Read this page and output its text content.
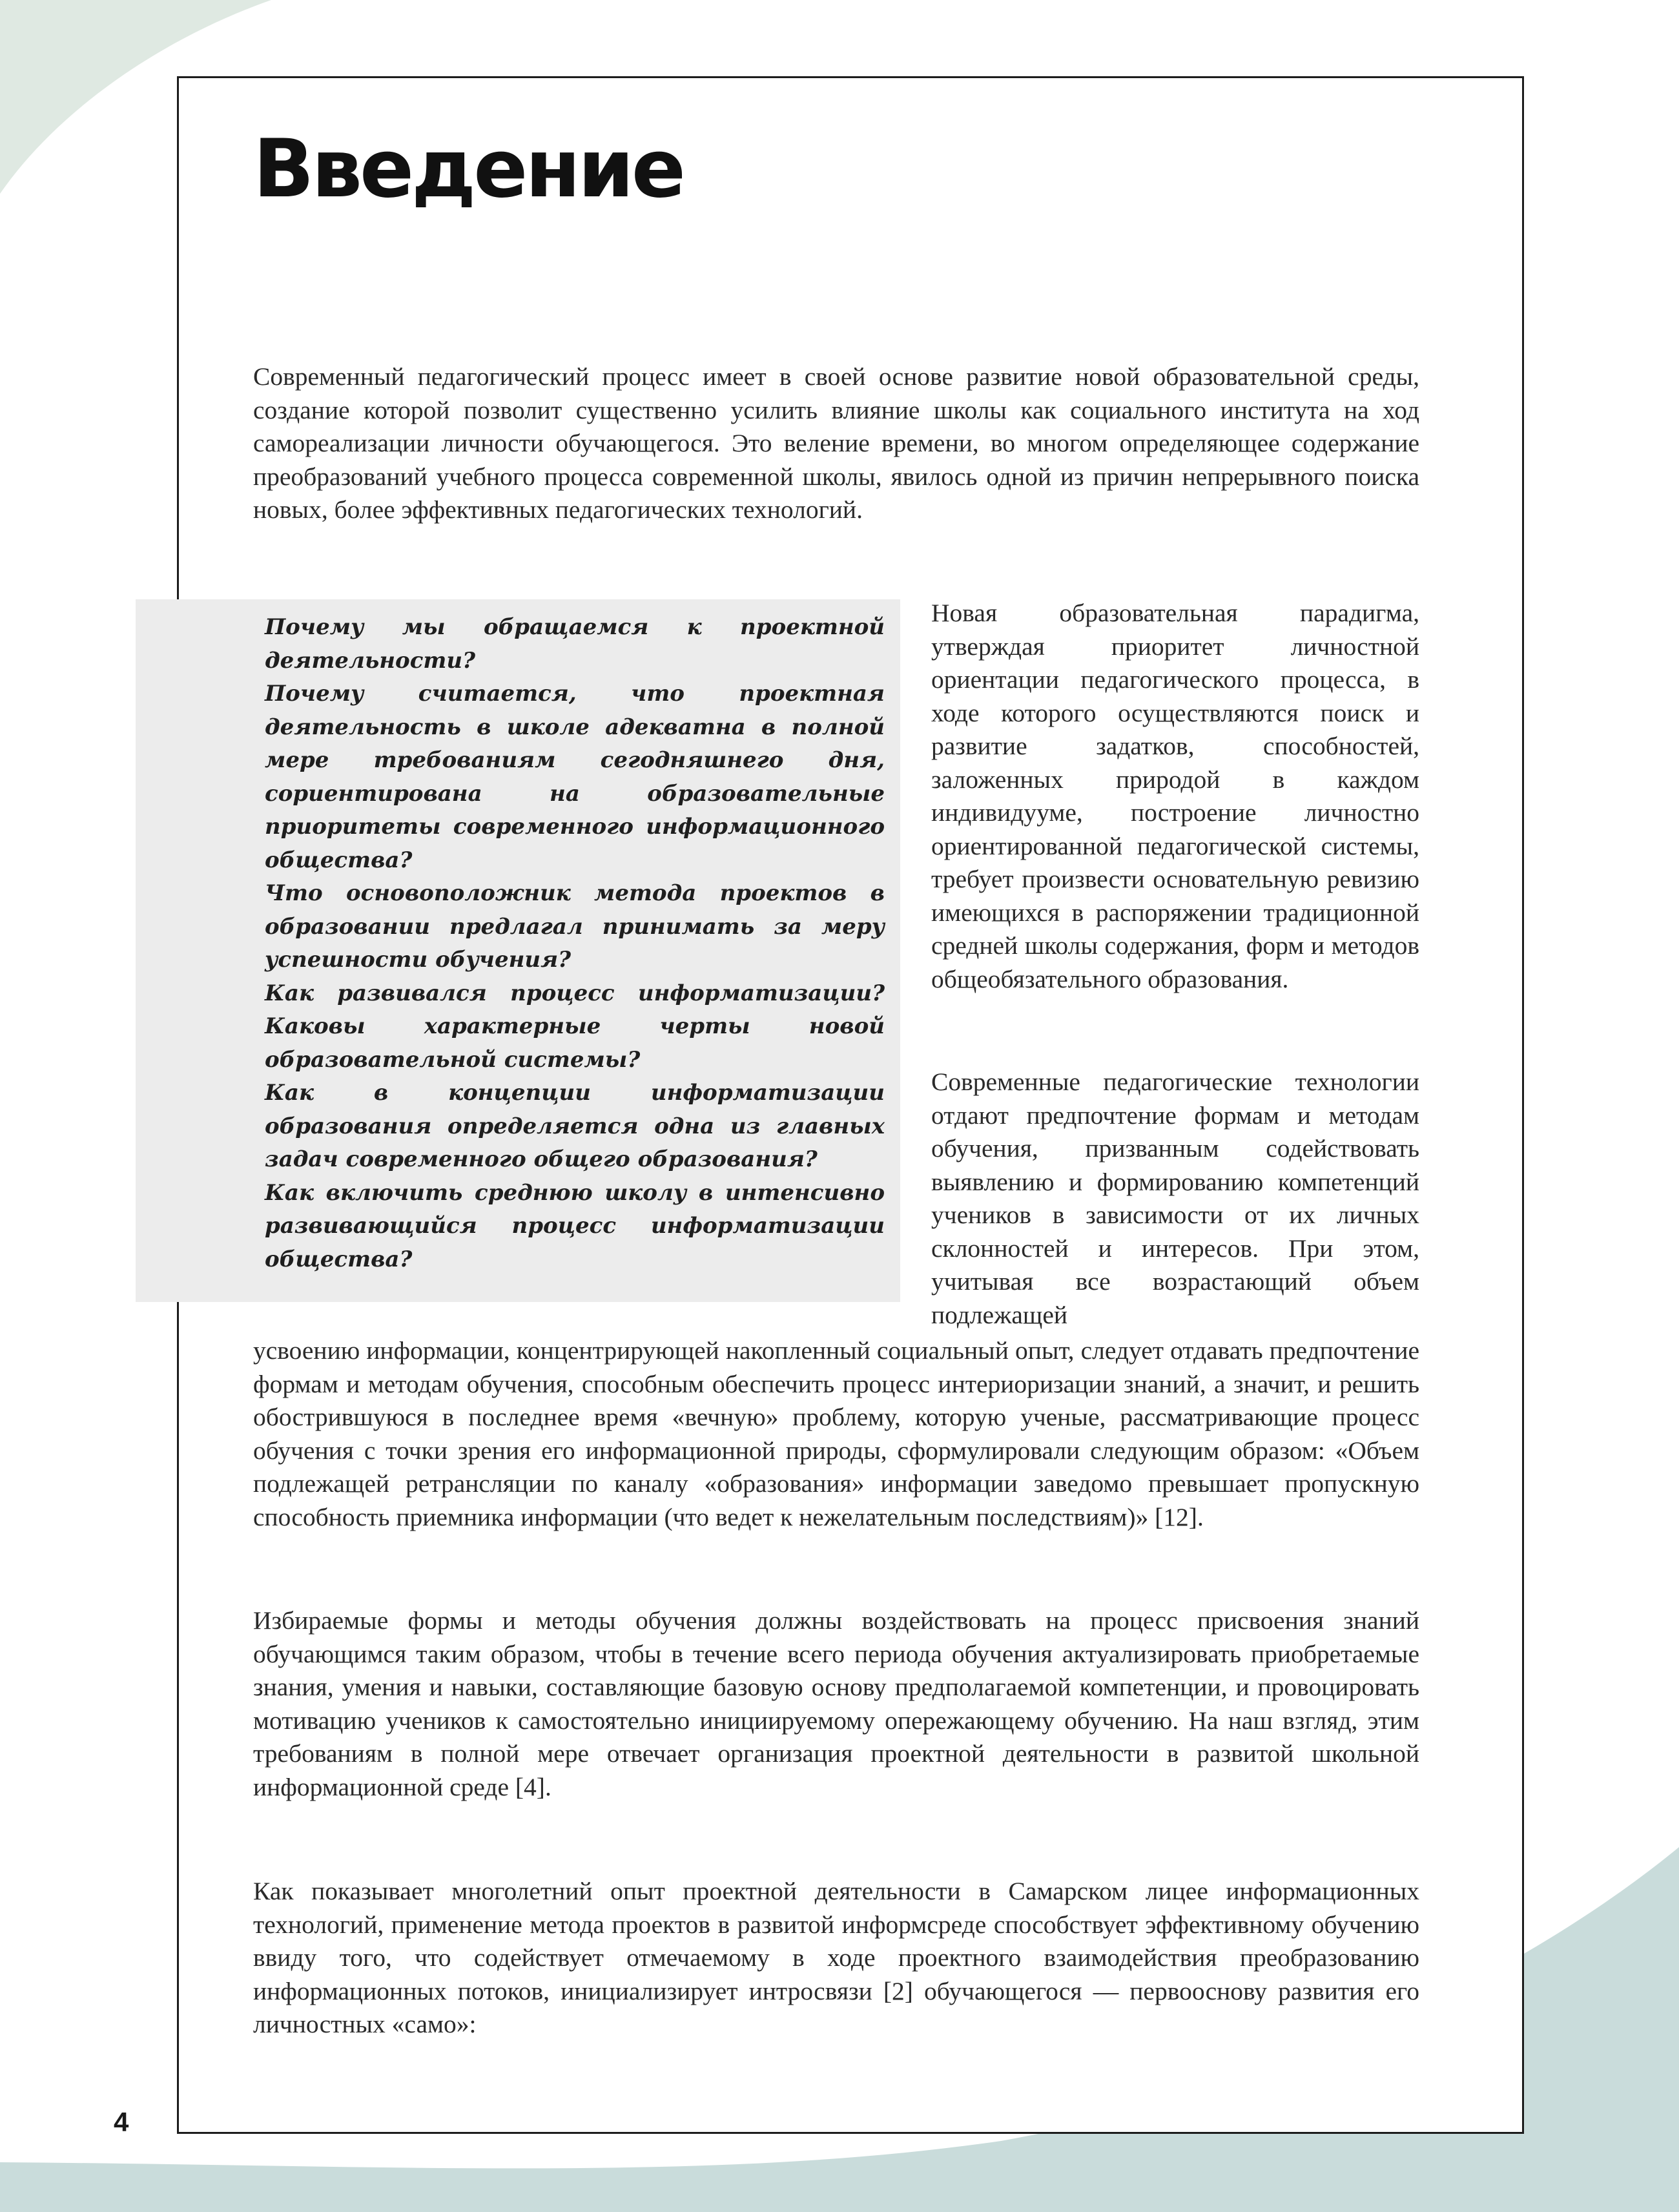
Введение

Современный педагогический процесс имеет в своей основе развитие новой образовательной среды, создание которой позволит существенно усилить влияние школы как социального института на ход самореализации личности обучающегося. Это веление времени, во многом определяющее содержание преобразований учебного процесса современной школы, явилось одной из причин непрерывного поиска новых, более эффективных педагогических технологий.

Почему мы обращаемся к проектной деятельности?
Почему считается, что проектная деятельность в школе адекватна в полной мере требованиям сегодняшнего дня, сориентирована на образовательные приоритеты современного информационного общества?
Что основоположник метода проектов в образовании предлагал принимать за меру успешности обучения?
Как развивался процесс информатизации? Каковы характерные черты новой образовательной системы?
Как в концепции информатизации образования определяется одна из главных задач современного общего образования?
Как включить среднюю школу в интенсивно развивающийся процесс информатизации общества?

Новая образовательная парадигма, утверждая приоритет личностной ориентации педагогического процесса, в ходе которого осуществляются поиск и развитие задатков, способностей, заложенных природой в каждом индивидууме, построение личностно ориентированной педагогической системы, требует произвести основательную ревизию имеющихся в распоряжении традиционной средней школы содержания, форм и методов общеобязательного образования.

Современные педагогические технологии отдают предпочтение формам и методам обучения, призванным содействовать выявлению и формированию компетенций учеников в зависимости от их личных склонностей и интересов. При этом, учитывая все возрастающий объем подлежащей

усвоению информации, концентрирующей накопленный социальный опыт, следует отдавать предпочтение формам и методам обучения, способным обеспечить процесс интериоризации знаний, а значит, и решить обострившуюся в последнее время «вечную» проблему, которую ученые, рассматривающие процесс обучения с точки зрения его информационной природы, сформулировали следующим образом: «Объем подлежащей ретрансляции по каналу «образования» информации заведомо превышает пропускную способность приемника информации (что ведет к нежелательным последствиям)» [12].

Избираемые формы и методы обучения должны воздействовать на процесс присвоения знаний обучающимся таким образом, чтобы в течение всего периода обучения актуализировать приобретаемые знания, умения и навыки, составляющие базовую основу предполагаемой компетенции, и провоцировать мотивацию учеников к самостоятельно инициируемому опережающему обучению. На наш взгляд, этим требованиям в полной мере отвечает организация проектной деятельности в развитой школьной информационной среде [4].

Как показывает многолетний опыт проектной деятельности в Самарском лицее информационных технологий, применение метода проектов в развитой информсреде способствует эффективному обучению ввиду того, что содействует отмечаемому в ходе проектного взаимодействия преобразованию информационных потоков, инициализирует интросвязи [2] обучающегося — первооснову развития его личностных «само»:

4
